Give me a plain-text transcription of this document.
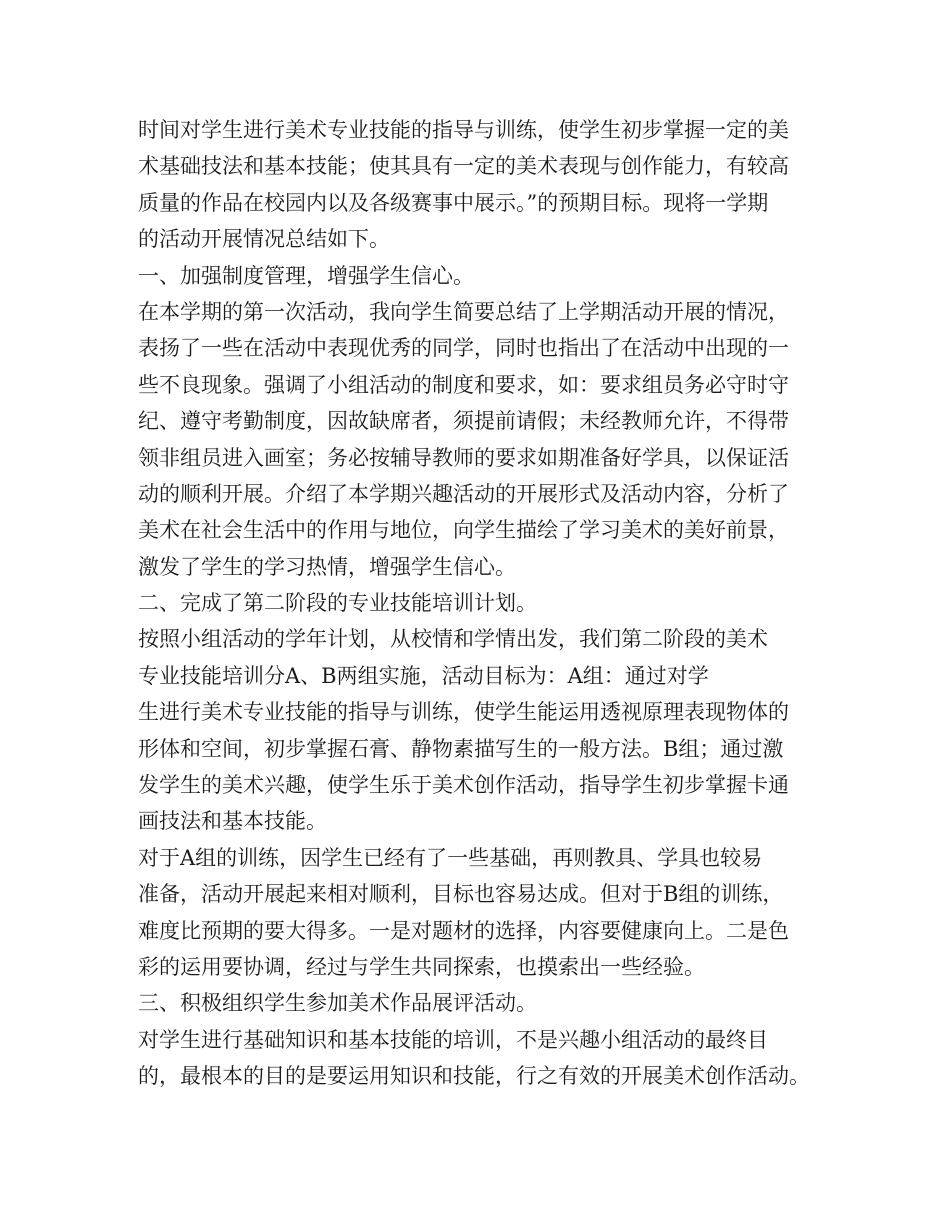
时间对学生进行美术专业技能的指导与训练，使学生初步掌握一定的美
术基础技法和基本技能；使其具有一定的美术表现与创作能力，有较高
质量的作品在校园内以及各级赛事中展示。”的预期目标。现将一学期
的活动开展情况总结如下。
一、加强制度管理，增强学生信心。
在本学期的第一次活动，我向学生简要总结了上学期活动开展的情况，
表扬了一些在活动中表现优秀的同学，同时也指出了在活动中出现的一
些不良现象。强调了小组活动的制度和要求，如：要求组员务必守时守
纪、遵守考勤制度，因故缺席者，须提前请假；未经教师允许，不得带
领非组员进入画室；务必按辅导教师的要求如期准备好学具，以保证活
动的顺利开展。介绍了本学期兴趣活动的开展形式及活动内容，分析了
美术在社会生活中的作用与地位，向学生描绘了学习美术的美好前景，
激发了学生的学习热情，增强学生信心。
二、完成了第二阶段的专业技能培训计划。
按照小组活动的学年计划，从校情和学情出发，我们第二阶段的美术
专业技能培训分A、B两组实施，活动目标为：A组：通过对学
生进行美术专业技能的指导与训练，使学生能运用透视原理表现物体的
形体和空间，初步掌握石膏、静物素描写生的一般方法。B组；通过激
发学生的美术兴趣，使学生乐于美术创作活动，指导学生初步掌握卡通
画技法和基本技能。
对于A组的训练，因学生已经有了一些基础，再则教具、学具也较易
准备，活动开展起来相对顺利，目标也容易达成。但对于B组的训练，
难度比预期的要大得多。一是对题材的选择，内容要健康向上。二是色
彩的运用要协调，经过与学生共同探索，也摸索出一些经验。
三、积极组织学生参加美术作品展评活动。
对学生进行基础知识和基本技能的培训，不是兴趣小组活动的最终目
的，最根本的目的是要运用知识和技能，行之有效的开展美术创作活动。
